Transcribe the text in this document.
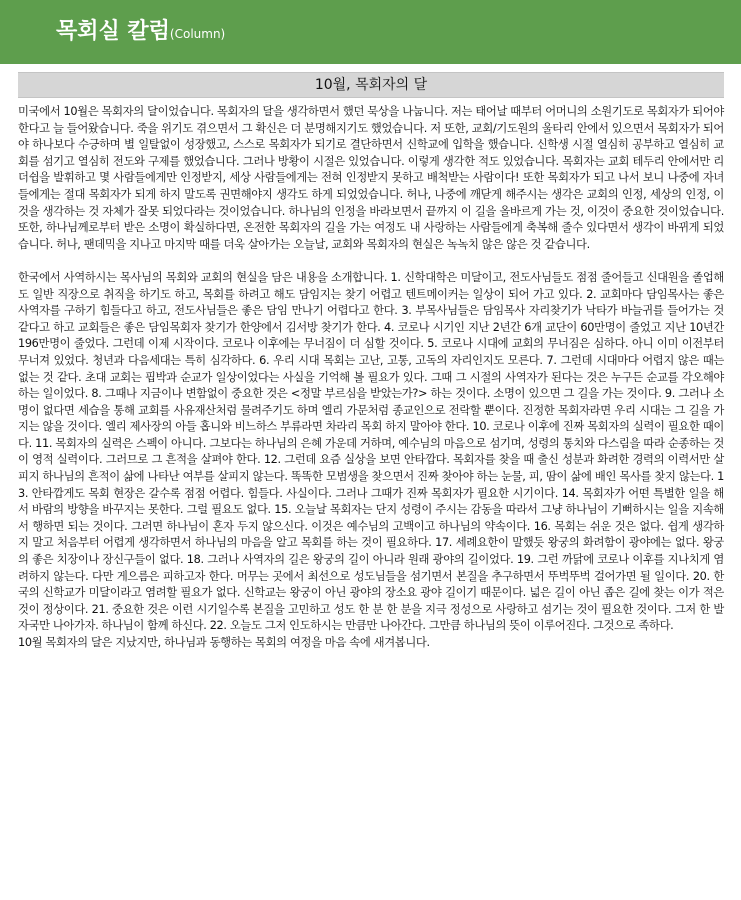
목회실 칼럼(Column)
10월, 목회자의 달

미국에서 10월은 목회자의 달이었습니다. 목회자의 달을 생각하면서 했던 묵상을 나눕니다. 저는 태어날 때부터 어머니의 소원기도로 목회자가 되어야 한다고 늘 들어왔습니다. 죽을 위기도 겪으면서 그 확신은 더 분명해지기도 했었습니다. 저 또한, 교회/기도원의 울타리 안에서 있으면서 목회자가 되어야 하나보다 수긍하며 별 일탈없이 성장했고, 스스로 목회자가 되기로 결단하면서 신학교에 입학을 했습니다. 신학생 시절 열심히 공부하고 열심히 교회를 섬기고 열심히 전도와 구제를 했었습니다. 그러나 방황이 시절은 있었습니다. 이렇게 생각한 적도 있었습니다. 목회자는 교회 테두리 안에서만 리더쉽을 발휘하고 몇 사람들에게만 인정받지, 세상 사람들에게는 전혀 인정받지 못하고 배척받는 사람이다! 또한 목회자가 되고 나서 보니 나중에 자녀들에게는 절대 목회자가 되게 하지 말도록 권면해야지 생각도 하게 되었었습니다. 허나, 나중에 깨닫게 해주시는 생각은 교회의 인정, 세상의 인정, 이것을 생각하는 것 자체가 잘못 되었다라는 것이었습니다. 하나님의 인정을 바라보면서 끝까지 이 길을 올바르게 가는 것, 이것이 중요한 것이었습니다. 또한, 하나님께로부터 받은 소명이 확실하다면, 온전한 목회자의 길을 가는 여정도 내 사랑하는 사람들에게 축복해 줄수 있다면서 생각이 바뀌게 되었습니다. 허나, 팬데믹을 지나고 마지막 때를 더욱 살아가는 오늘날, 교회와 목회자의 현실은 녹녹치 않은 않은 것 같습니다.

한국에서 사역하시는 목사님의 목회와 교회의 현실을 담은 내용을 소개합니다. 1. 신학대학은 미달이고, 전도사님들도 점점 줄어들고 신대원을 졸업해도 일반 직장으로 취직을 하기도 하고, 목회를 하려고 해도 담임지는 찾기 어렵고 텐트메이커는 일상이 되어 가고 있다. 2. 교회마다 담임목사는 좋은 사역자를 구하기 힘들다고 하고, 전도사님들은 좋은 담임 만나기 어렵다고 한다. 3. 부목사님들은 담임목사 자리찾기가 낙타가 바늘귀를 들어가는 것 같다고 하고 교회들은 좋은 담임목회자 찾기가 한양에서 김서방 찾기가 한다. 4. 코로나 시기인 지난 2년간 6개 교단이 60만명이 줄었고 지난 10년간 196만명이 줄었다. 그런데 이제 시작이다. 코로나 이후에는 무너짐이 더 심할 것이다. 5. 코로나 시대에 교회의 무너짐은 심하다. 아니 이미 이전부터 무너져 있었다. 청년과 다음세대는 특히 심각하다. 6. 우리 시대 목회는 고난, 고통, 고독의 자리인지도 모른다. 7. 그런데 시대마다 어렵지 않은 때는 없는 것 같다. 초대 교회는 핍박과 순교가 일상이었다는 사실을 기억해 볼 필요가 있다. 그때 그 시절의 사역자가 된다는 것은 누구든 순교를 각오해야 하는 일이었다. 8. 그때나 지금이나 변함없이 중요한 것은 <정말 부르심을 받았는가?> 하는 것이다. 소명이 있으면 그 길을 가는 것이다. 9. 그러나 소명이 없다면 세습을 통해 교회를 사유재산처럼 물려주기도 하며 엘리 가문처럼 종교인으로 전락할 뿐이다. 진정한 목회자라면 우리 시대는 그 길을 가지는 않을 것이다. 엘리 제사장의 아들 홉니와 비느하스 부류라면 차라리 목회 하지 말아야 한다. 10. 코로나 이후에 진짜 목회자의 실력이 필요한 때이다. 11. 목회자의 실력은 스펙이 아니다. 그보다는 하나님의 은혜 가운데 거하며, 예수님의 마음으로 섬기며, 성령의 통치와 다스림을 따라 순종하는 것이 영적 실력이다. 그러므로 그 흔적을 살펴야 한다. 12. 그런데 요즘 실상을 보면 안타깝다. 목회자를 찾을 때 출신 성분과 화려한 경력의 이력서만 살피지 하나님의 흔적이 삶에 나타난 여부를 살피지 않는다. 똑똑한 모범생을 찾으면서 진짜 찾아야 하는 눈물, 피, 땀이 삶에 배인 목사를 찾지 않는다. 13. 안타깝게도 목회 현장은 갈수록 점점 어렵다. 힘들다. 사실이다. 그러나 그때가 진짜 목회자가 필요한 시기이다. 14. 목회자가 어떤 특별한 일을 해서 바람의 방향을 바꾸지는 못한다. 그럴 필요도 없다. 15. 오늘날 목회자는 단지 성령이 주시는 감동을 따라서 그냥 하나님이 기뻐하시는 일을 지속해서 행하면 되는 것이다. 그러면 하나님이 혼자 두지 않으신다. 이것은 예수님의 고백이고 하나님의 약속이다. 16. 목회는 쉬운 것은 없다. 쉽게 생각하지 말고 처음부터 어렵게 생각하면서 하나님의 마음을 알고 목회를 하는 것이 필요하다. 17. 세례요한이 말했듯 왕궁의 화려함이 광야에는 없다. 왕궁의 좋은 치장이나 장신구들이 없다. 18. 그러나 사역자의 길은 왕궁의 길이 아니라 원래 광야의 길이었다. 19. 그런 까닭에 코로나 이후를 지나치게 염려하지 않는다. 다만 게으름은 피하고자 한다. 머무는 곳에서 최선으로 성도님들을 섬기면서 본질을 추구하면서 뚜벅뚜벅 걸어가면 될 일이다. 20. 한국의 신학교가 미달이라고 염려할 필요가 없다. 신학교는 왕궁이 아닌 광야의 장소요 광야 길이기 때문이다. 넓은 길이 아닌 좁은 길에 찾는 이가 적은 것이 정상이다. 21. 중요한 것은 이런 시기일수록 본질을 고민하고 성도 한 분 한 분을 지극 정성으로 사랑하고 섬기는 것이 필요한 것이다. 그저 한 발자국만 나아가자. 하나님이 함께 하신다. 22. 오늘도 그저 인도하시는 만큼만 나아간다. 그만큼 하나님의 뜻이 이루어진다. 그것으로 족하다.

10월 목회자의 달은 지났지만, 하나님과 동행하는 목회의 여정을 마음 속에 새겨봅니다.
